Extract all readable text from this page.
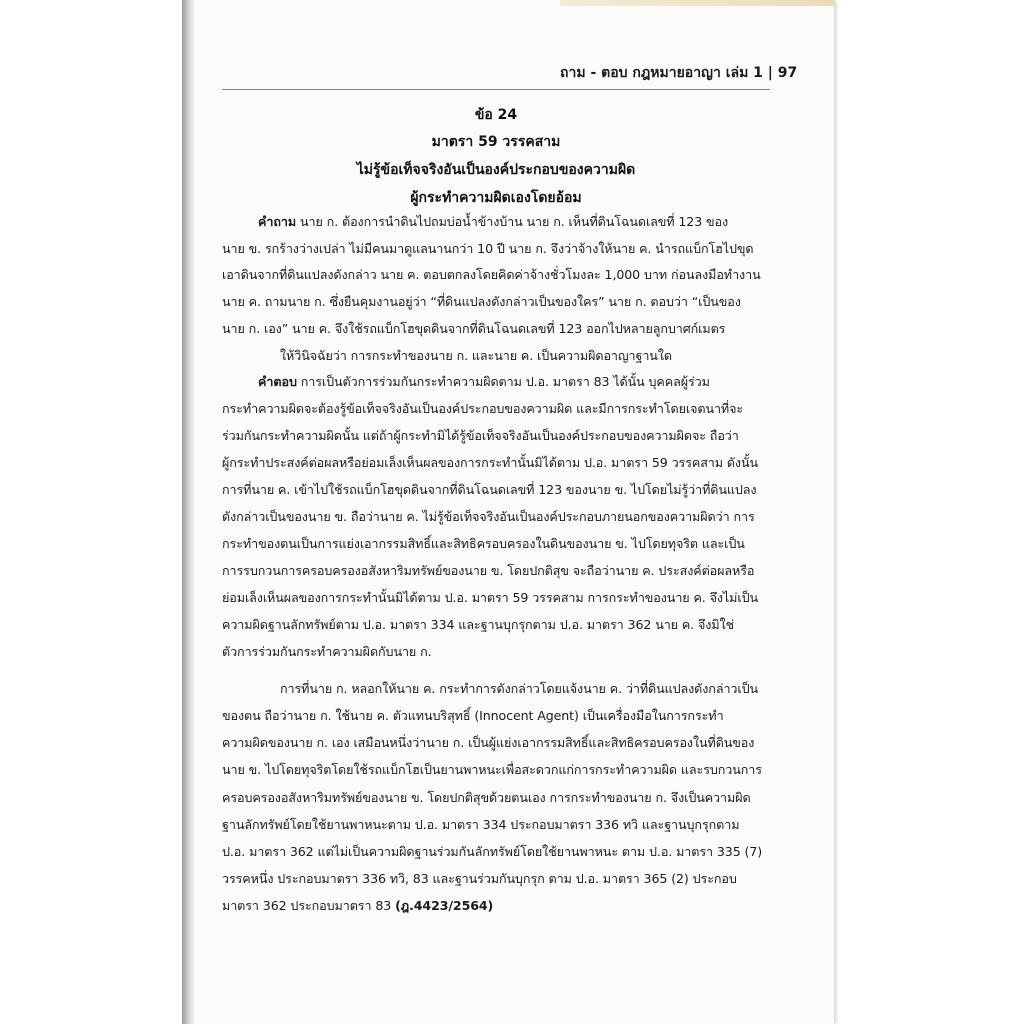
ถาม - ตอบ กฎหมายอาญา เล่ม 1 | 97
ข้อ 24
มาตรา 59 วรรคสาม
ไม่รู้ข้อเท็จจริงอันเป็นองค์ประกอบของความผิด
ผู้กระทำความผิดเองโดยอ้อม
คำถาม นาย ก. ต้องการนำดินไปถมบ่อน้ำข้างบ้าน นาย ก. เห็นที่ดินโฉนดเลขที่ 123 ของ
นาย ข. รกร้างว่างเปล่า ไม่มีคนมาดูแลนานกว่า 10 ปี นาย ก. จึงว่าจ้างให้นาย ค. นำรถแบ็กโฮไปขุด
เอาดินจากที่ดินแปลงดังกล่าว นาย ค. ตอบตกลงโดยคิดค่าจ้างชั่วโมงละ 1,000 บาท ก่อนลงมือทำงาน
นาย ค. ถามนาย ก. ซึ่งยืนคุมงานอยู่ว่า “ที่ดินแปลงดังกล่าวเป็นของใคร” นาย ก. ตอบว่า “เป็นของ
นาย ก. เอง” นาย ค. จึงใช้รถแบ็กโฮขุดดินจากที่ดินโฉนดเลขที่ 123 ออกไปหลายลูกบาศก์เมตร
ให้วินิจฉัยว่า การกระทำของนาย ก. และนาย ค. เป็นความผิดอาญาฐานใด
คำตอบ การเป็นตัวการร่วมกันกระทำความผิดตาม ป.อ. มาตรา 83 ได้นั้น บุคคลผู้ร่วม
กระทำความผิดจะต้องรู้ข้อเท็จจริงอันเป็นองค์ประกอบของความผิด และมีการกระทำโดยเจตนาที่จะ
ร่วมกันกระทำความผิดนั้น แต่ถ้าผู้กระทำมิได้รู้ข้อเท็จจริงอันเป็นองค์ประกอบของความผิดจะ ถือว่า
ผู้กระทำประสงค์ต่อผลหรือย่อมเล็งเห็นผลของการกระทำนั้นมิได้ตาม ป.อ. มาตรา 59 วรรคสาม ดังนั้น
การที่นาย ค. เข้าไปใช้รถแบ็กโฮขุดดินจากที่ดินโฉนดเลขที่ 123 ของนาย ข. ไปโดยไม่รู้ว่าที่ดินแปลง
ดังกล่าวเป็นของนาย ข. ถือว่านาย ค. ไม่รู้ข้อเท็จจริงอันเป็นองค์ประกอบภายนอกของความผิดว่า การ
กระทำของตนเป็นการแย่งเอากรรมสิทธิ์และสิทธิครอบครองในดินของนาย ข. ไปโดยทุจริต และเป็น
การรบกวนการครอบครองอสังหาริมทรัพย์ของนาย ข. โดยปกติสุข จะถือว่านาย ค. ประสงค์ต่อผลหรือ
ย่อมเล็งเห็นผลของการกระทำนั้นมิได้ตาม ป.อ. มาตรา 59 วรรคสาม การกระทำของนาย ค. จึงไม่เป็น
ความผิดฐานลักทรัพย์ตาม ป.อ. มาตรา 334 และฐานบุกรุกตาม ป.อ. มาตรา 362 นาย ค. จึงมิใช่
ตัวการร่วมกันกระทำความผิดกับนาย ก.
การที่นาย ก. หลอกให้นาย ค. กระทำการดังกล่าวโดยแจ้งนาย ค. ว่าที่ดินแปลงดังกล่าวเป็น
ของตน ถือว่านาย ก. ใช้นาย ค. ตัวแทนบริสุทธิ์ (Innocent Agent) เป็นเครื่องมือในการกระทำ
ความผิดของนาย ก. เอง เสมือนหนึ่งว่านาย ก. เป็นผู้แย่งเอากรรมสิทธิ์และสิทธิครอบครองในที่ดินของ
นาย ข. ไปโดยทุจริตโดยใช้รถแบ็กโฮเป็นยานพาหนะเพื่อสะดวกแก่การกระทำความผิด และรบกวนการ
ครอบครองอสังหาริมทรัพย์ของนาย ข. โดยปกติสุขด้วยตนเอง การกระทำของนาย ก. จึงเป็นความผิด
ฐานลักทรัพย์โดยใช้ยานพาหนะตาม ป.อ. มาตรา 334 ประกอบมาตรา 336 ทวิ และฐานบุกรุกตาม
ป.อ. มาตรา 362 แต่ไม่เป็นความผิดฐานร่วมกันลักทรัพย์โดยใช้ยานพาหนะ ตาม ป.อ. มาตรา 335 (7)
วรรคหนึ่ง ประกอบมาตรา 336 ทวิ, 83 และฐานร่วมกันบุกรุก ตาม ป.อ. มาตรา 365 (2) ประกอบ
มาตรา 362 ประกอบมาตรา 83 (ฎ.4423/2564)
